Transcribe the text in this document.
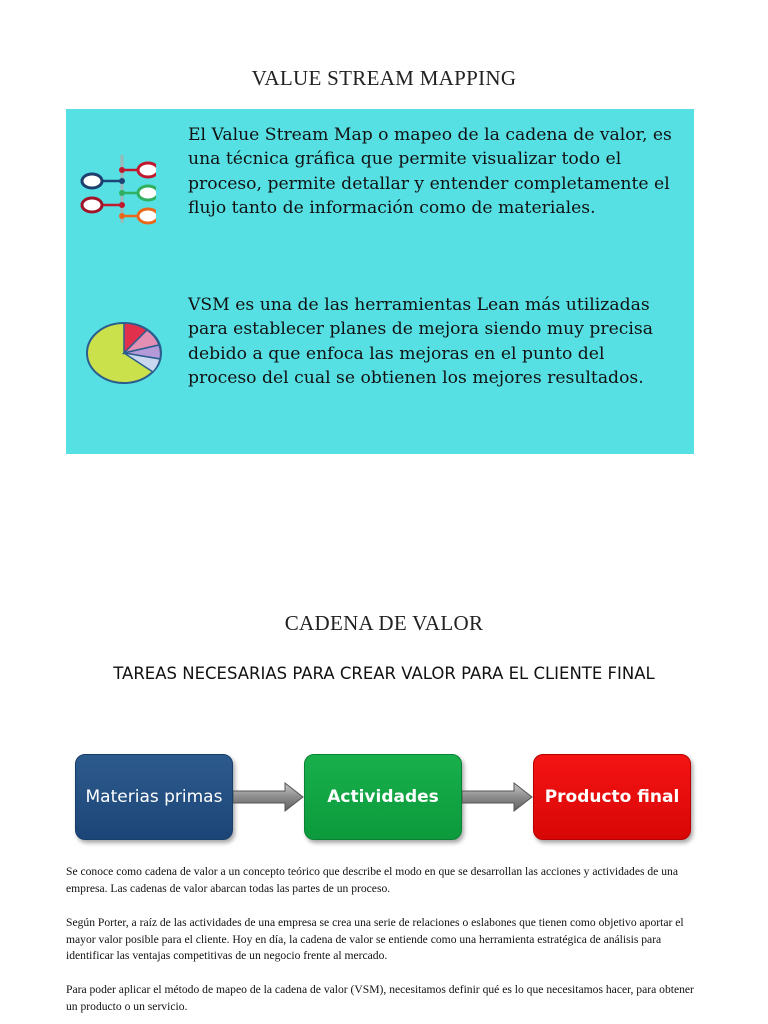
VALUE STREAM MAPPING

El Value Stream Map o mapeo de la cadena de valor, es una técnica gráfica que permite visualizar todo el proceso, permite detallar y entender completamente el flujo tanto de información como de materiales.

VSM es una de las herramientas Lean más utilizadas para establecer planes de mejora siendo muy precisa debido a que enfoca las mejoras en el punto del proceso del cual se obtienen los mejores resultados.

CADENA DE VALOR
TAREAS NECESARIAS PARA CREAR VALOR PARA EL CLIENTE FINAL
Materias primas	Actividades	Producto final

Se conoce como cadena de valor a un concepto teórico que describe el modo en que se desarrollan las acciones y actividades de una empresa. Las cadenas de valor abarcan todas las partes de un proceso.

Según Porter, a raíz de las actividades de una empresa se crea una serie de relaciones o eslabones que tienen como objetivo aportar el mayor valor posible para el cliente. Hoy en día, la cadena de valor se entiende como una herramienta estratégica de análisis para identificar las ventajas competitivas de un negocio frente al mercado.

Para poder aplicar el método de mapeo de la cadena de valor (VSM), necesitamos definir qué es lo que necesitamos hacer, para obtener un producto o un servicio.
